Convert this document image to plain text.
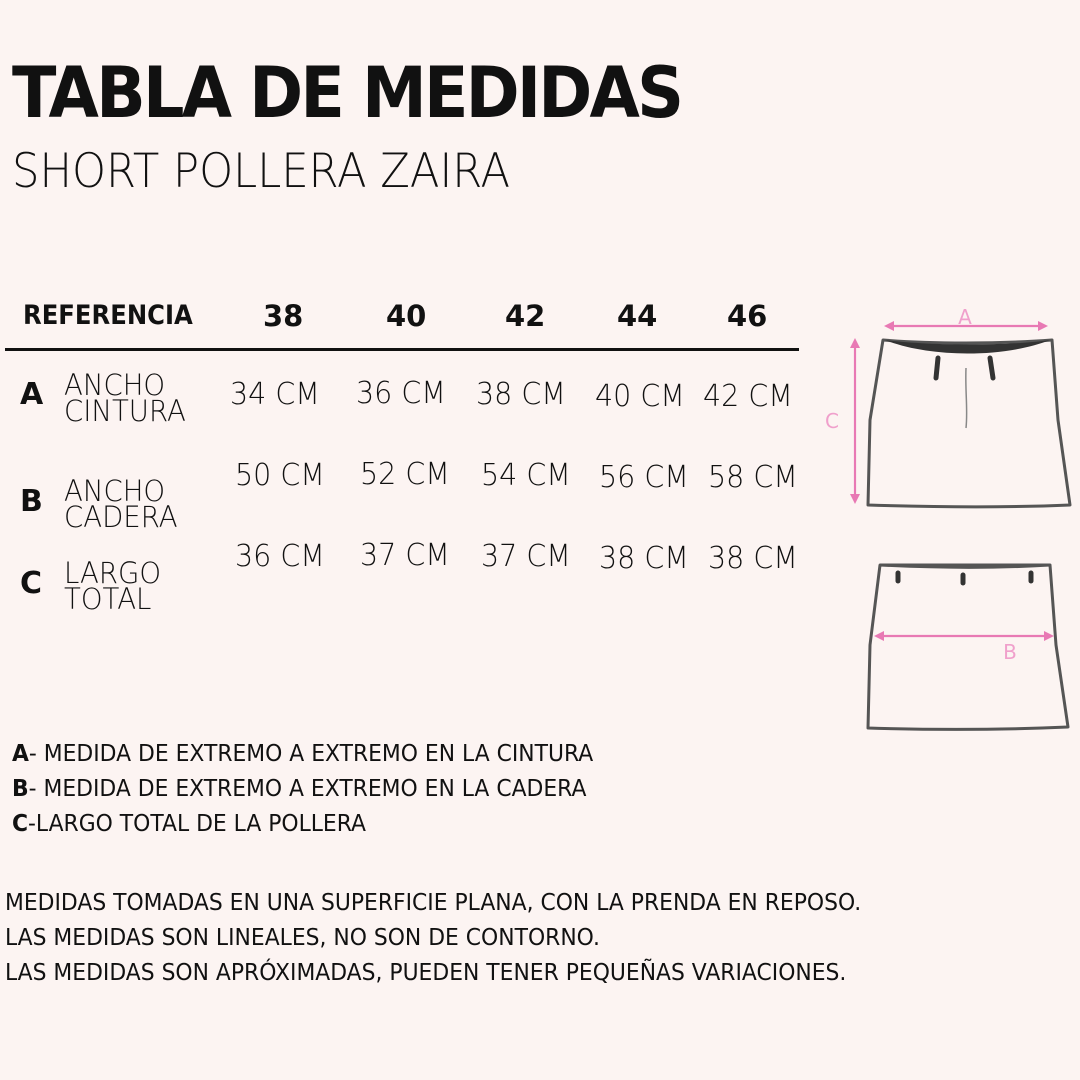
TABLA DE MEDIDAS
SHORT POLLERA ZAIRA
REFERENCIA 38	40	42 44 46
A ANCHO
CINTURA 34 CM 36 CM 38 CM 40 CM 42 CM
B ANCHO
CADERA
50 CM 52 CM 54 CM 56 CM 58 CM
C LARGO
TOTAL
36 CM 37 CM 37 CM 38 CM 38 CM
A
C
B
A- MEDIDA DE EXTREMO A EXTREMO EN LA CINTURA
B- MEDIDA DE EXTREMO A EXTREMO EN LA CADERA
C-LARGO TOTAL DE LA POLLERA
MEDIDAS TOMADAS EN UNA SUPERFICIE PLANA, CON LA PRENDA EN REPOSO.
LAS MEDIDAS SON LINEALES, NO SON DE CONTORNO.
LAS MEDIDAS SON APRÓXIMADAS, PUEDEN TENER PEQUEÑAS VARIACIONES.
